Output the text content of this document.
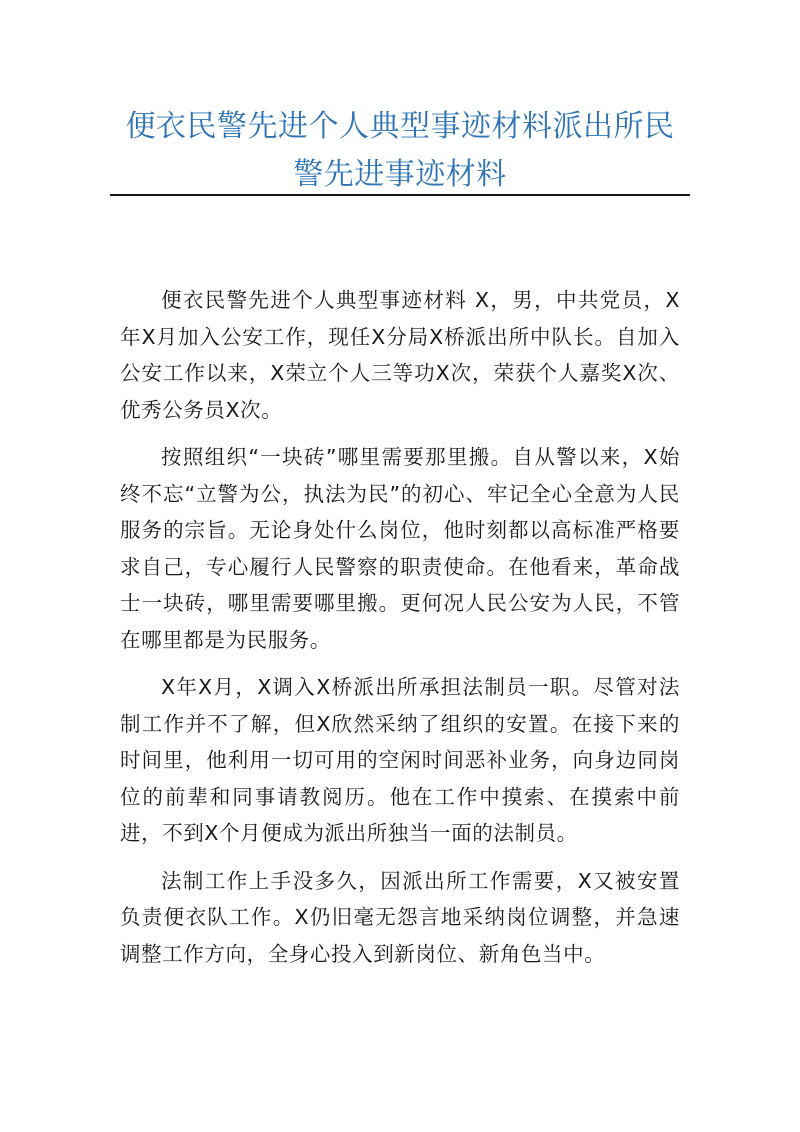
便衣民警先进个人典型事迹材料派出所民
警先进事迹材料

便衣民警先进个人典型事迹材料 X，男，中共党员，X年X月加入公安工作，现任X分局X桥派出所中队长。自加入公安工作以来，X荣立个人三等功X次，荣获个人嘉奖X次、优秀公务员X次。

按照组织“一块砖”哪里需要那里搬。自从警以来，X始终不忘“立警为公，执法为民”的初心、牢记全心全意为人民服务的宗旨。无论身处什么岗位，他时刻都以高标准严格要求自己，专心履行人民警察的职责使命。在他看来，革命战士一块砖，哪里需要哪里搬。更何况人民公安为人民，不管在哪里都是为民服务。

X年X月，X调入X桥派出所承担法制员一职。尽管对法制工作并不了解，但X欣然采纳了组织的安置。在接下来的时间里，他利用一切可用的空闲时间恶补业务，向身边同岗位的前辈和同事请教阅历。他在工作中摸索、在摸索中前进，不到X个月便成为派出所独当一面的法制员。

法制工作上手没多久，因派出所工作需要，X又被安置负责便衣队工作。X仍旧毫无怨言地采纳岗位调整，并急速调整工作方向，全身心投入到新岗位、新角色当中。
